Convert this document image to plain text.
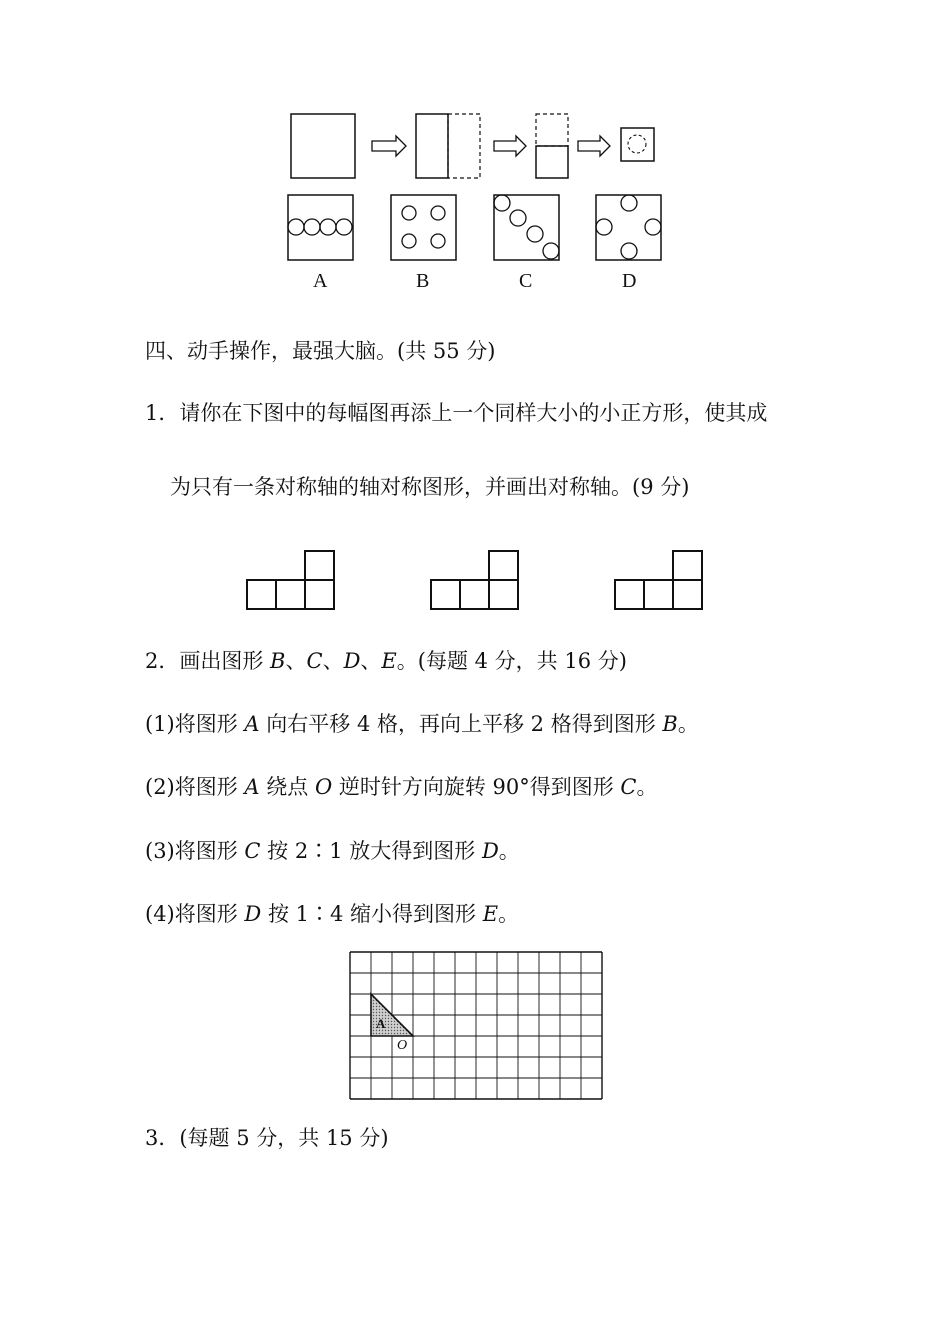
A	B	C	D
四、动手操作，最强大脑。(共 55 分)
1．请你在下图中的每幅图再添上一个同样大小的小正方形，使其成
为只有一条对称轴的轴对称图形，并画出对称轴。(9 分)
2．画出图形 B、C、D、E。(每题 4 分，共 16 分)
(1)将图形 A 向右平移 4 格，再向上平移 2 格得到图形 B。
(2)将图形 A 绕点 O 逆时针方向旋转 90°得到图形 C。
(3)将图形 C 按 2∶1 放大得到图形 D。
(4)将图形 D 按 1∶4 缩小得到图形 E。
A
O
3．(每题 5 分，共 15 分)
